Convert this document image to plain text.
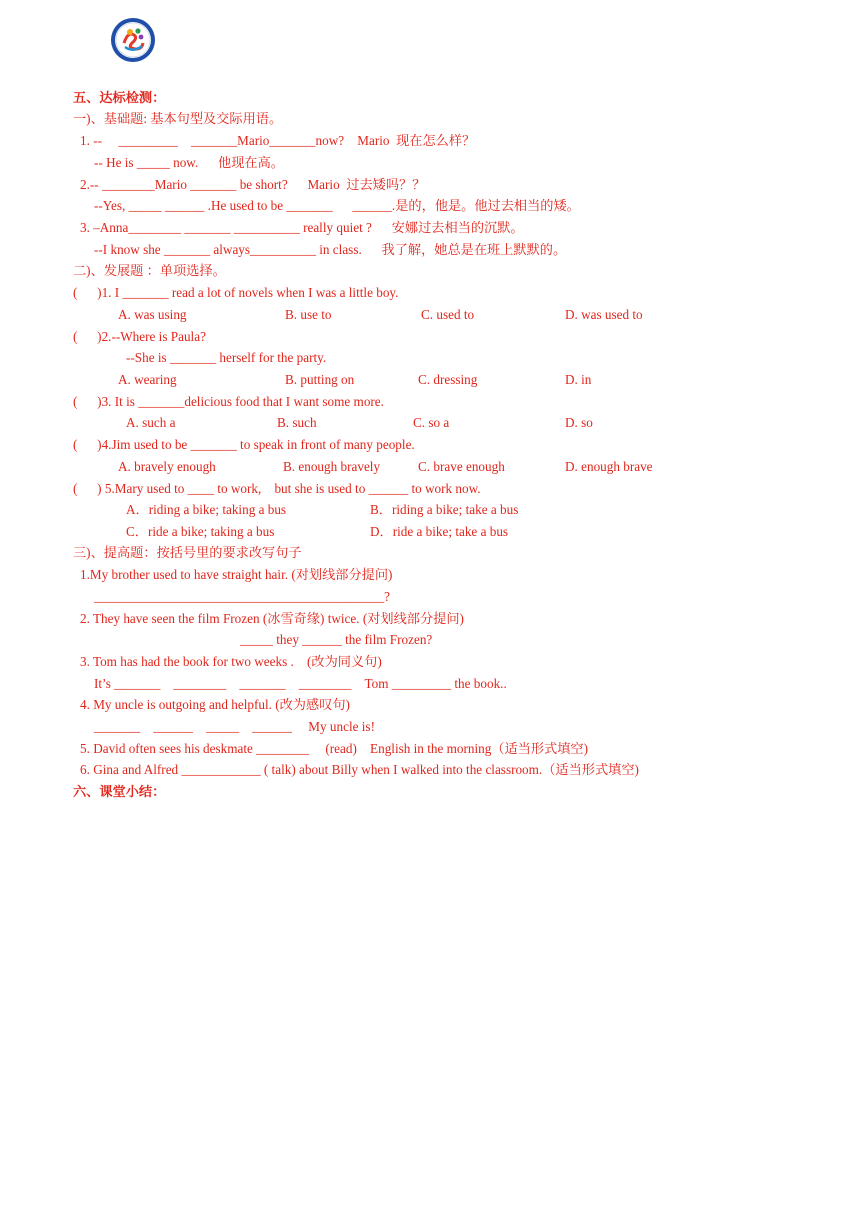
五、达标检测：
一)、基础题: 基本句型及交际用语。
1. --     _________    _______Mario_______now?    Mario  现在怎么样？
-- He is _____ now.      他现在高。
2.-- ________Mario _______ be short?      Mario  过去矮吗？？
--Yes, _____ ______ .He used to be _______      ______.是的，他是。他过去相当的矮。
3. –Anna________ _______ __________ really quiet ?      安娜过去相当的沉默。
--I know she _______ always__________ in class.      我了解，她总是在班上默默的。
二)、发展题 ：单项选择。
(      )1. I _______ read a lot of novels when I was a little boy.
A. was using	B. use to	C. used to	D. was used to
(      )2.--Where is Paula?
--She is _______ herself for the party.
A. wearing	B. putting on	C. dressing	D. in
(      )3. It is _______delicious food that I want some more.
A. such a	B. such	C. so a	D. so
(      )4.Jim used to be _______ to speak in front of many people.
A. bravely enough	B. enough bravely	C. brave enough	D. enough brave
(      ) 5.Mary used to ____ to work,    but she is used to ______ to work now.
A．riding a bike; taking a bus	B．riding a bike; take a bus
C．ride a bike; taking a bus	D．ride a bike; take a bus
三)、提高题：按括号里的要求改写句子
1.My brother used to have straight hair. (对划线部分提问)
____________________________________________?
2. They have seen the film Frozen (冰雪奇缘) twice. (对划线部分提问)
_____ they ______ the film Frozen?
3. Tom has had the book for two weeks .    (改为同义句)
It’s _______    ________    _______    ________    Tom _________ the book..
4. My uncle is outgoing and helpful. (改为感叹句)
_______    ______    _____    ______     My uncle is!
5. David often sees his deskmate ________     (read)    English in the morning（适当形式填空)
6. Gina and Alfred ____________ ( talk) about Billy when I walked into the classroom.（适当形式填空)
六、课堂小结：
